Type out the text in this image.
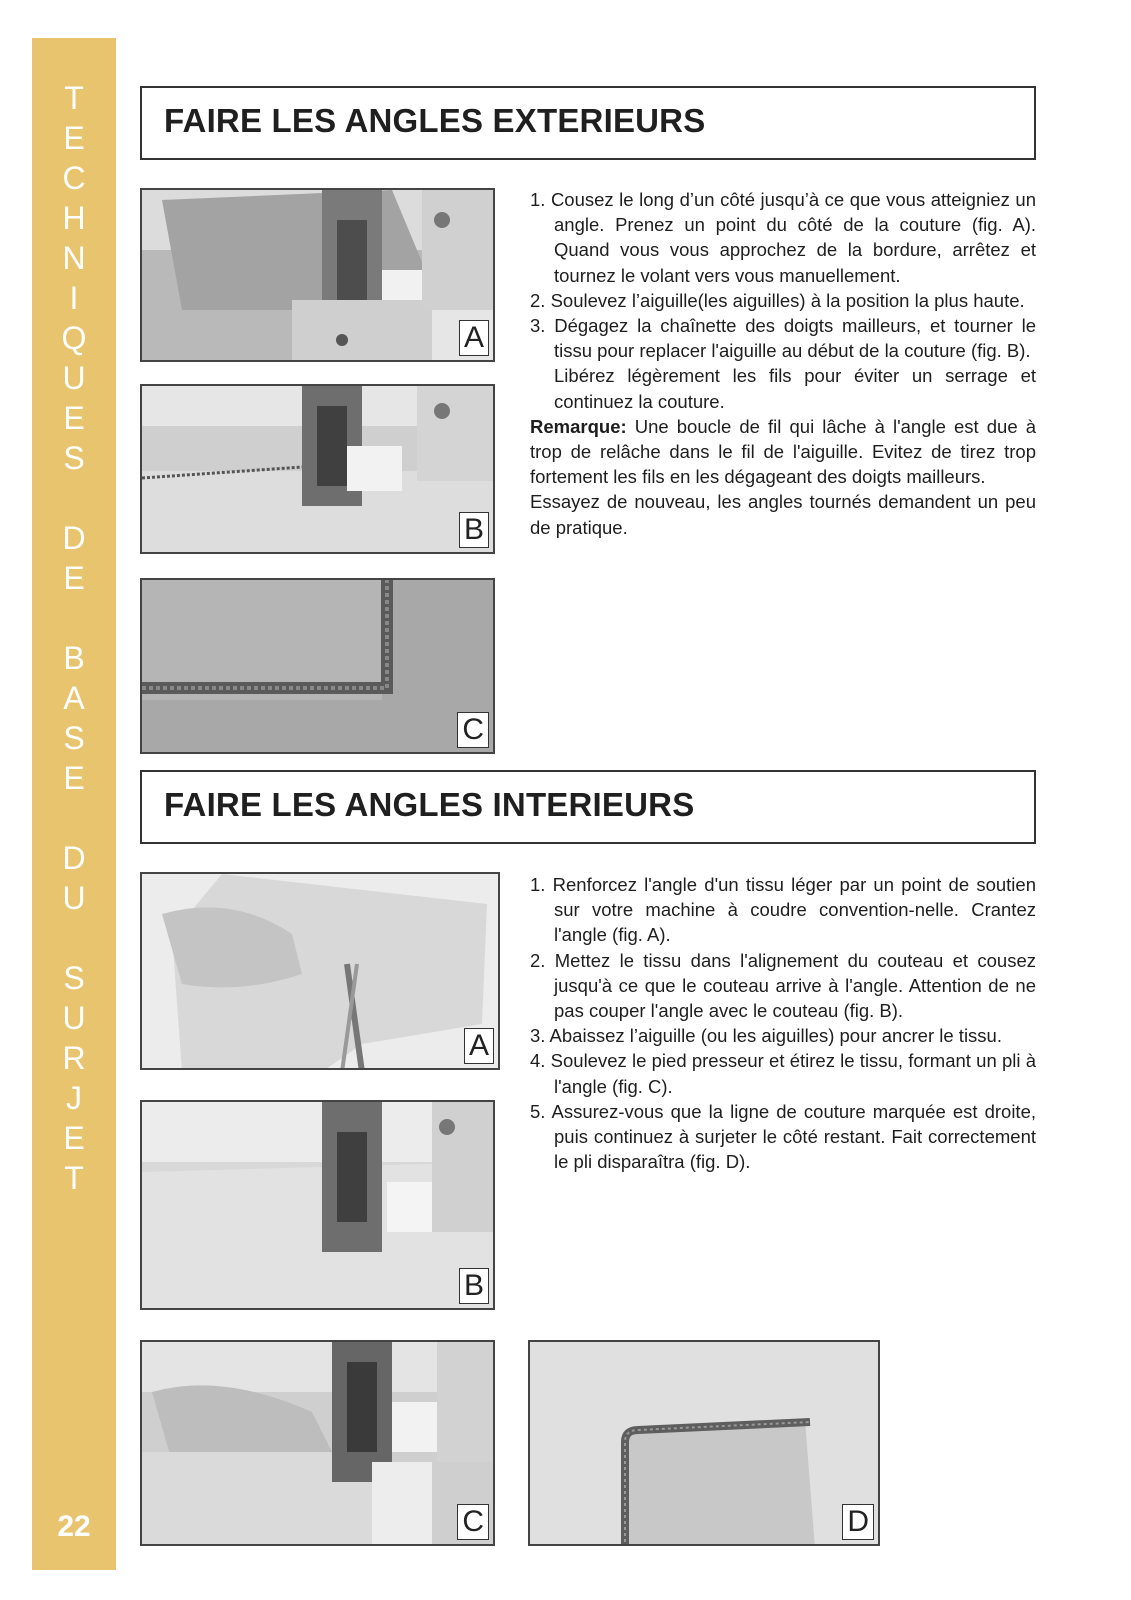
T
E
C
H
N
I
Q
U
E
S
D
E
B
A
S
E
D
U
S
U
R
J
E
T
22
FAIRE LES ANGLES EXTERIEURS
A
B
C
1. Cousez le long d’un côté jusqu’à ce que vous atteigniez un angle. Prenez un point du côté de la couture (fig. A). Quand vous vous approchez de la bordure, arrêtez et tournez le volant vers vous manuellement.
2. Soulevez l’aiguille(les aiguilles) à la position la plus haute.
3. Dégagez la chaînette des doigts mailleurs, et tourner le tissu pour replacer l'aiguille au début de la couture (fig. B).
Libérez légèrement les fils pour éviter un serrage et continuez la couture.
Remarque: Une boucle de fil qui lâche à l'angle est due à trop de relâche dans le fil de l'aiguille. Evitez de tirez trop fortement les fils en les dégageant des doigts mailleurs.
Essayez de nouveau, les angles tournés demandent un peu de pratique.
FAIRE LES ANGLES INTERIEURS
A
B
C	D
1. Renforcez l'angle d'un tissu léger par un point de soutien sur votre machine à coudre convention-nelle. Crantez l'angle (fig. A).
2. Mettez le tissu dans l'alignement du couteau et cousez jusqu'à ce que le couteau arrive à l'angle. Attention de ne pas couper l'angle avec le couteau (fig. B).
3. Abaissez l’aiguille (ou les aiguilles) pour ancrer le tissu.
4. Soulevez le pied presseur et étirez le tissu, formant un pli à l'angle (fig. C).
5. Assurez-vous que la ligne de couture marquée est droite, puis continuez à surjeter le côté restant. Fait correctement le pli disparaîtra (fig. D).
